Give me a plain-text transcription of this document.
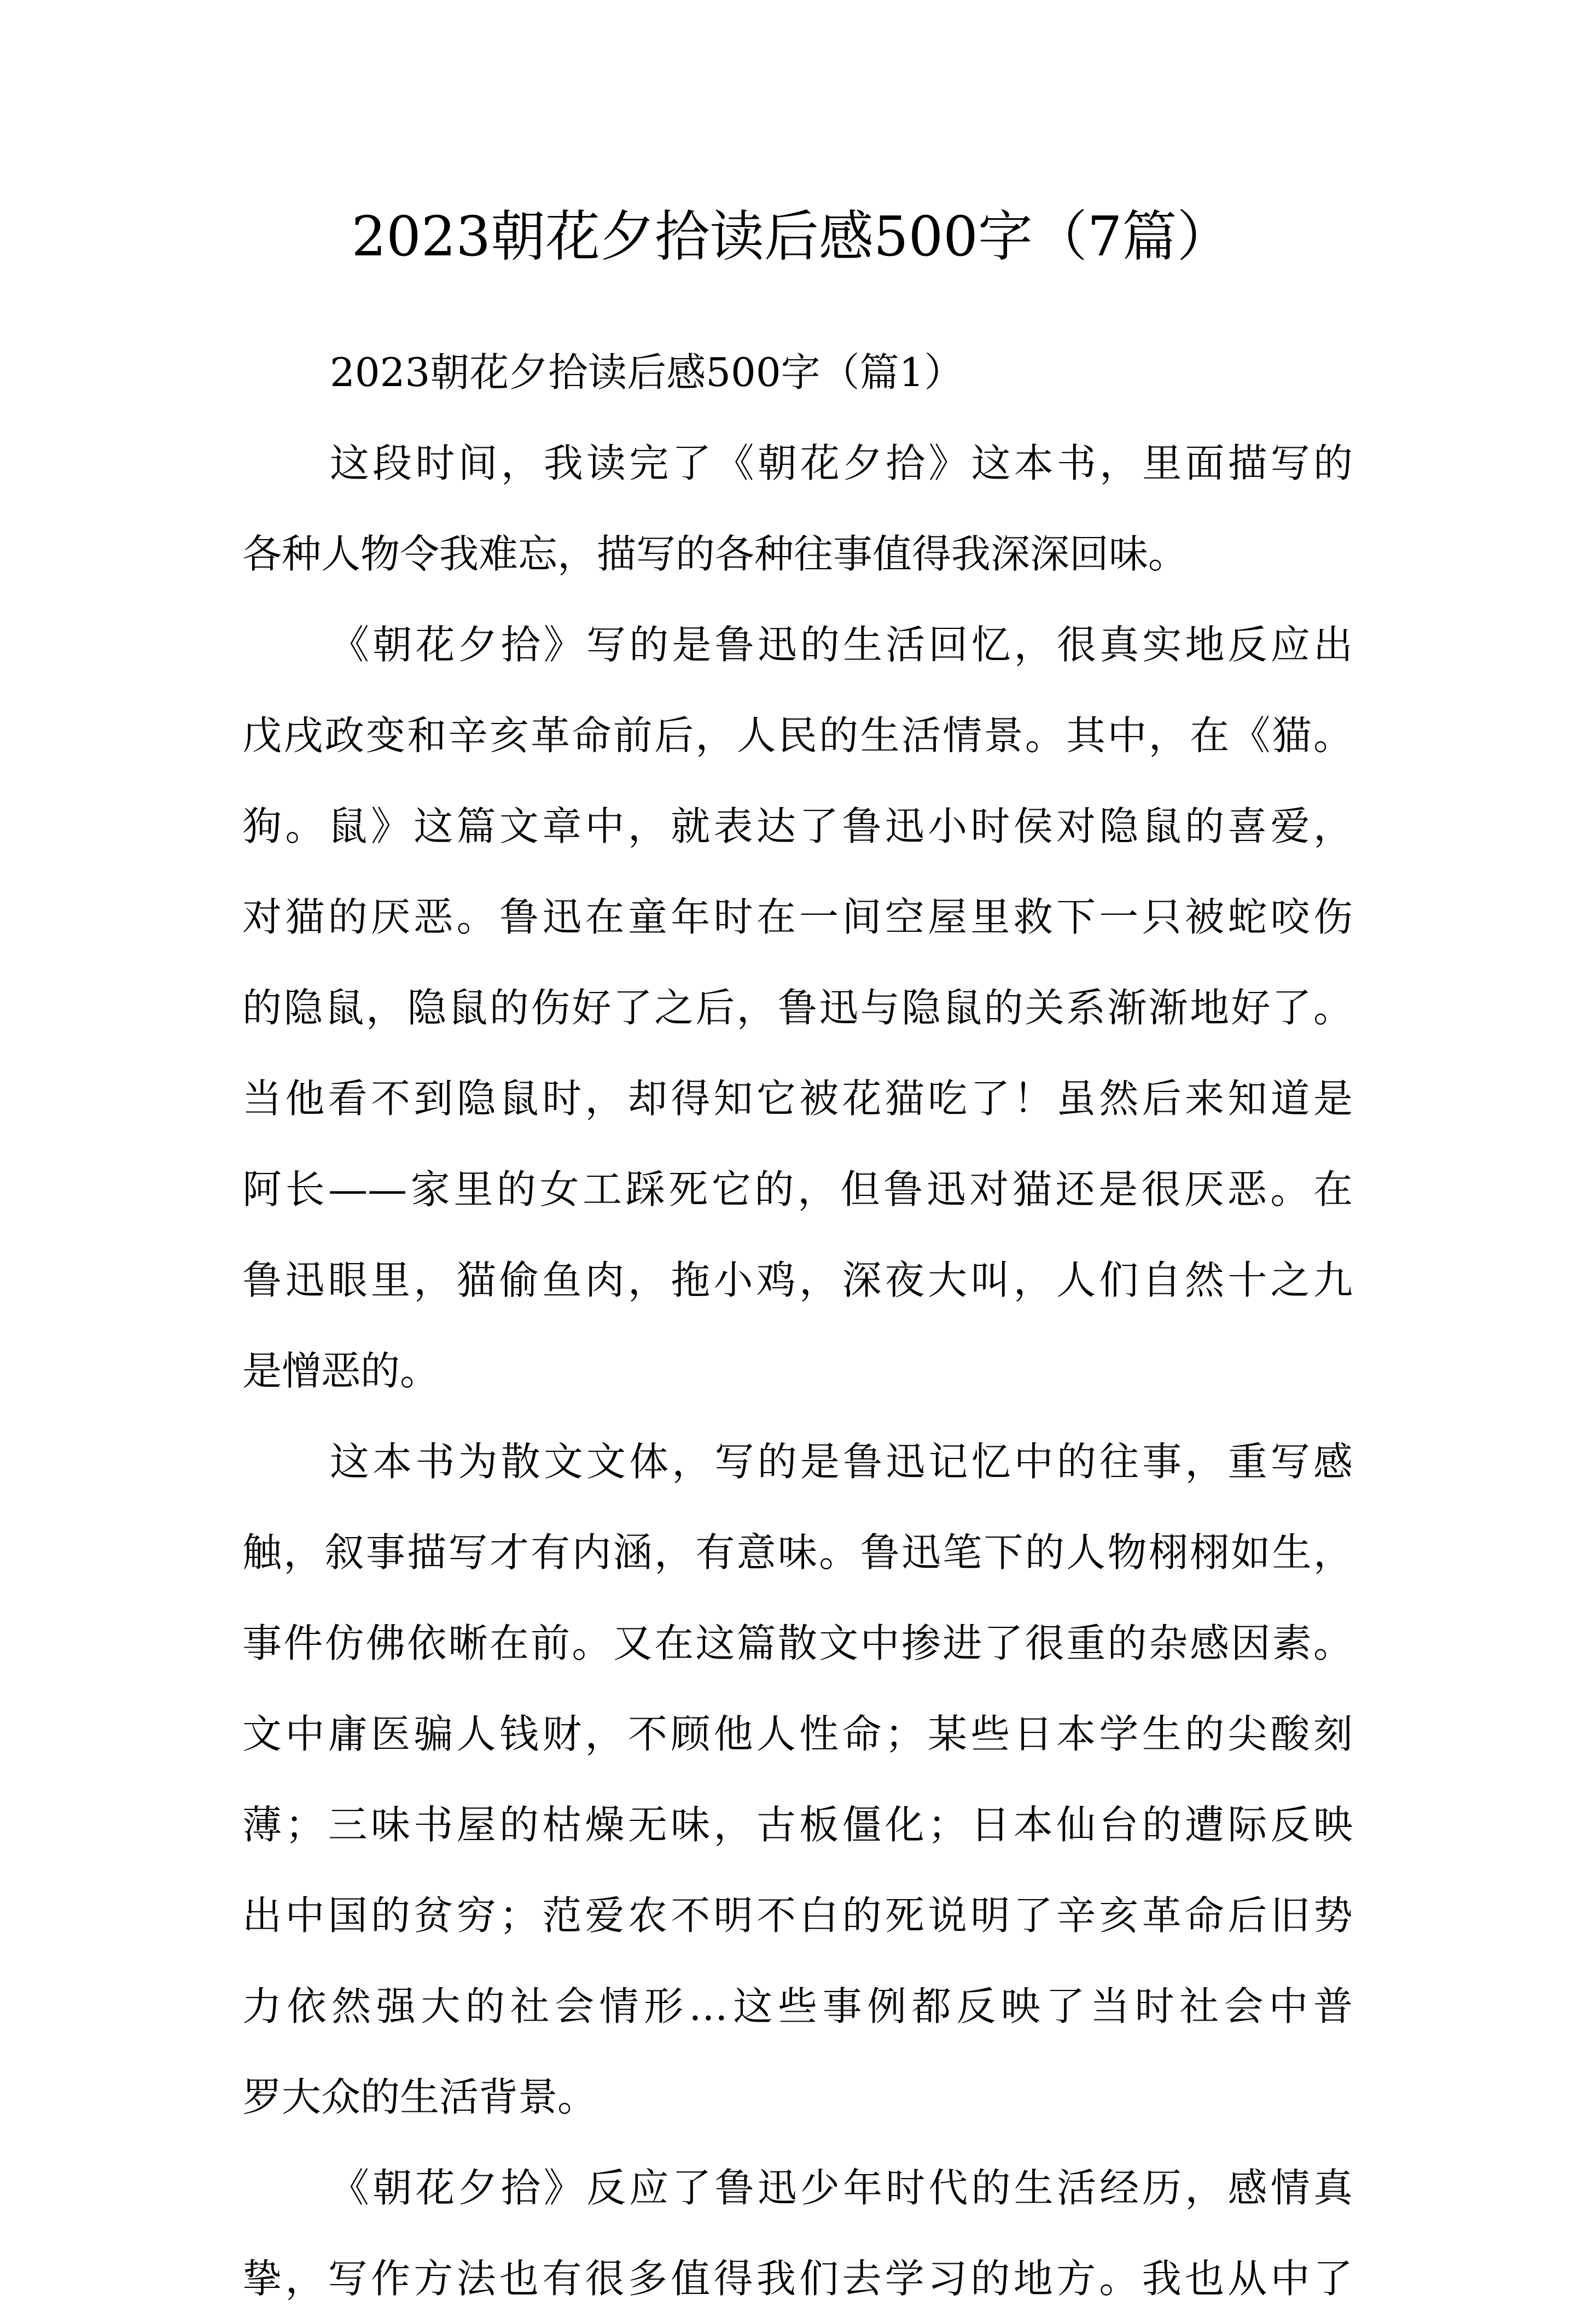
2023朝花夕拾读后感500字（7篇）
2023朝花夕拾读后感500字（篇1）
这段时间，我读完了《朝花夕拾》这本书，里面描写的
各种人物令我难忘，描写的各种往事值得我深深回味。
《朝花夕拾》写的是鲁迅的生活回忆，很真实地反应出
戊戌政变和辛亥革命前后，人民的生活情景。其中，在《猫。
狗。鼠》这篇文章中，就表达了鲁迅小时侯对隐鼠的喜爱，
对猫的厌恶。鲁迅在童年时在一间空屋里救下一只被蛇咬伤
的隐鼠，隐鼠的伤好了之后，鲁迅与隐鼠的关系渐渐地好了。
当他看不到隐鼠时，却得知它被花猫吃了！虽然后来知道是
阿长——家里的女工踩死它的，但鲁迅对猫还是很厌恶。在
鲁迅眼里，猫偷鱼肉，拖小鸡，深夜大叫，人们自然十之九
是憎恶的。
这本书为散文文体，写的是鲁迅记忆中的往事，重写感
触，叙事描写才有内涵，有意味。鲁迅笔下的人物栩栩如生，
事件仿佛依晰在前。又在这篇散文中掺进了很重的杂感因素。
文中庸医骗人钱财，不顾他人性命；某些日本学生的尖酸刻
薄；三味书屋的枯燥无味，古板僵化；日本仙台的遭际反映
出中国的贫穷；范爱农不明不白的死说明了辛亥革命后旧势
力依然强大的社会情形…这些事例都反映了当时社会中普
罗大众的生活背景。
《朝花夕拾》反应了鲁迅少年时代的生活经历，感情真
挚，写作方法也有很多值得我们去学习的地方。我也从中了
